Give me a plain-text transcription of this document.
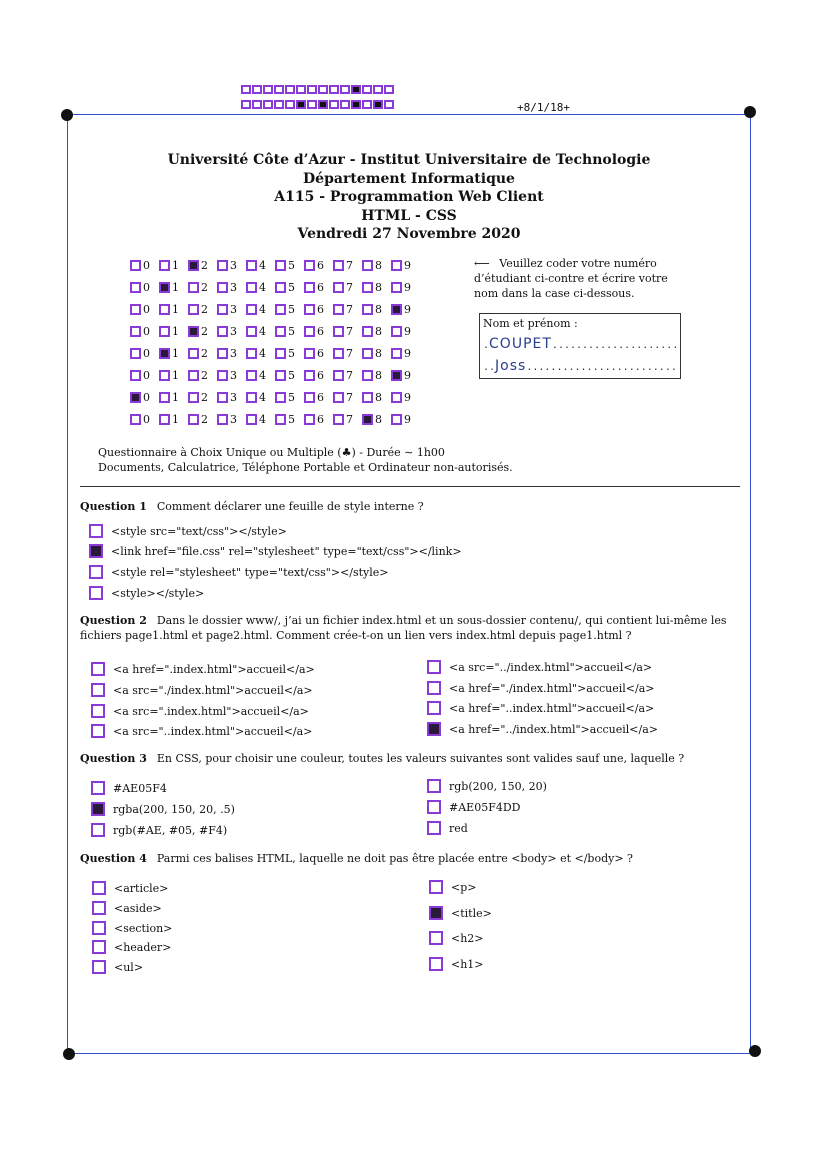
+8/1/18+
Université Côte d’Azur - Institut Universitaire de Technologie
Département Informatique
A115 - Programmation Web Client
HTML - CSS
Vendredi 27 Novembre 2020
0 1 2 3 4 5 6 7 8 9
0 1 2 3 4 5 6 7 8 9
0 1 2 3 4 5 6 7 8 9
0 1 2 3 4 5 6 7 8 9
0 1 2 3 4 5 6 7 8 9
0 1 2 3 4 5 6 7 8 9
0 1 2 3 4 5 6 7 8 9
0 1 2 3 4 5 6 7 8 9
⟵ Veuillez coder votre numéro d’étudiant ci-contre et écrire votre nom dans la case ci-dessous.
Nom et prénom :
.COUPET.....................
..Joss.........................
Questionnaire à Choix Unique ou Multiple (♣) - Durée ∼ 1h00
Documents, Calculatrice, Téléphone Portable et Ordinateur non-autorisés.
Question 1 Comment déclarer une feuille de style interne ?
<style src="text/css"></style>
<link href="file.css" rel="stylesheet" type="text/css"></link>
<style rel="stylesheet" type="text/css"></style>
<style></style>
Question 2 Dans le dossier www/, j’ai un fichier index.html et un sous-dossier contenu/, qui contient lui-même les fichiers page1.html et page2.html. Comment crée-t-on un lien vers index.html depuis page1.html ?
<a href=".index.html">accueil</a>
<a src="./index.html">accueil</a>
<a src=".index.html">accueil</a>
<a src="..index.html">accueil</a>
<a src="../index.html">accueil</a>
<a href="./index.html">accueil</a>
<a href="..index.html">accueil</a>
<a href="../index.html">accueil</a>
Question 3 En CSS, pour choisir une couleur, toutes les valeurs suivantes sont valides sauf une, laquelle ?
#AE05F4
rgba(200, 150, 20, .5)
rgb(#AE, #05, #F4)
rgb(200, 150, 20)
#AE05F4DD
red
Question 4 Parmi ces balises HTML, laquelle ne doit pas être placée entre <body> et </body> ?
<article>
<aside>
<section>
<header>
<ul>
<p>
<title>
<h2>
<h1>
